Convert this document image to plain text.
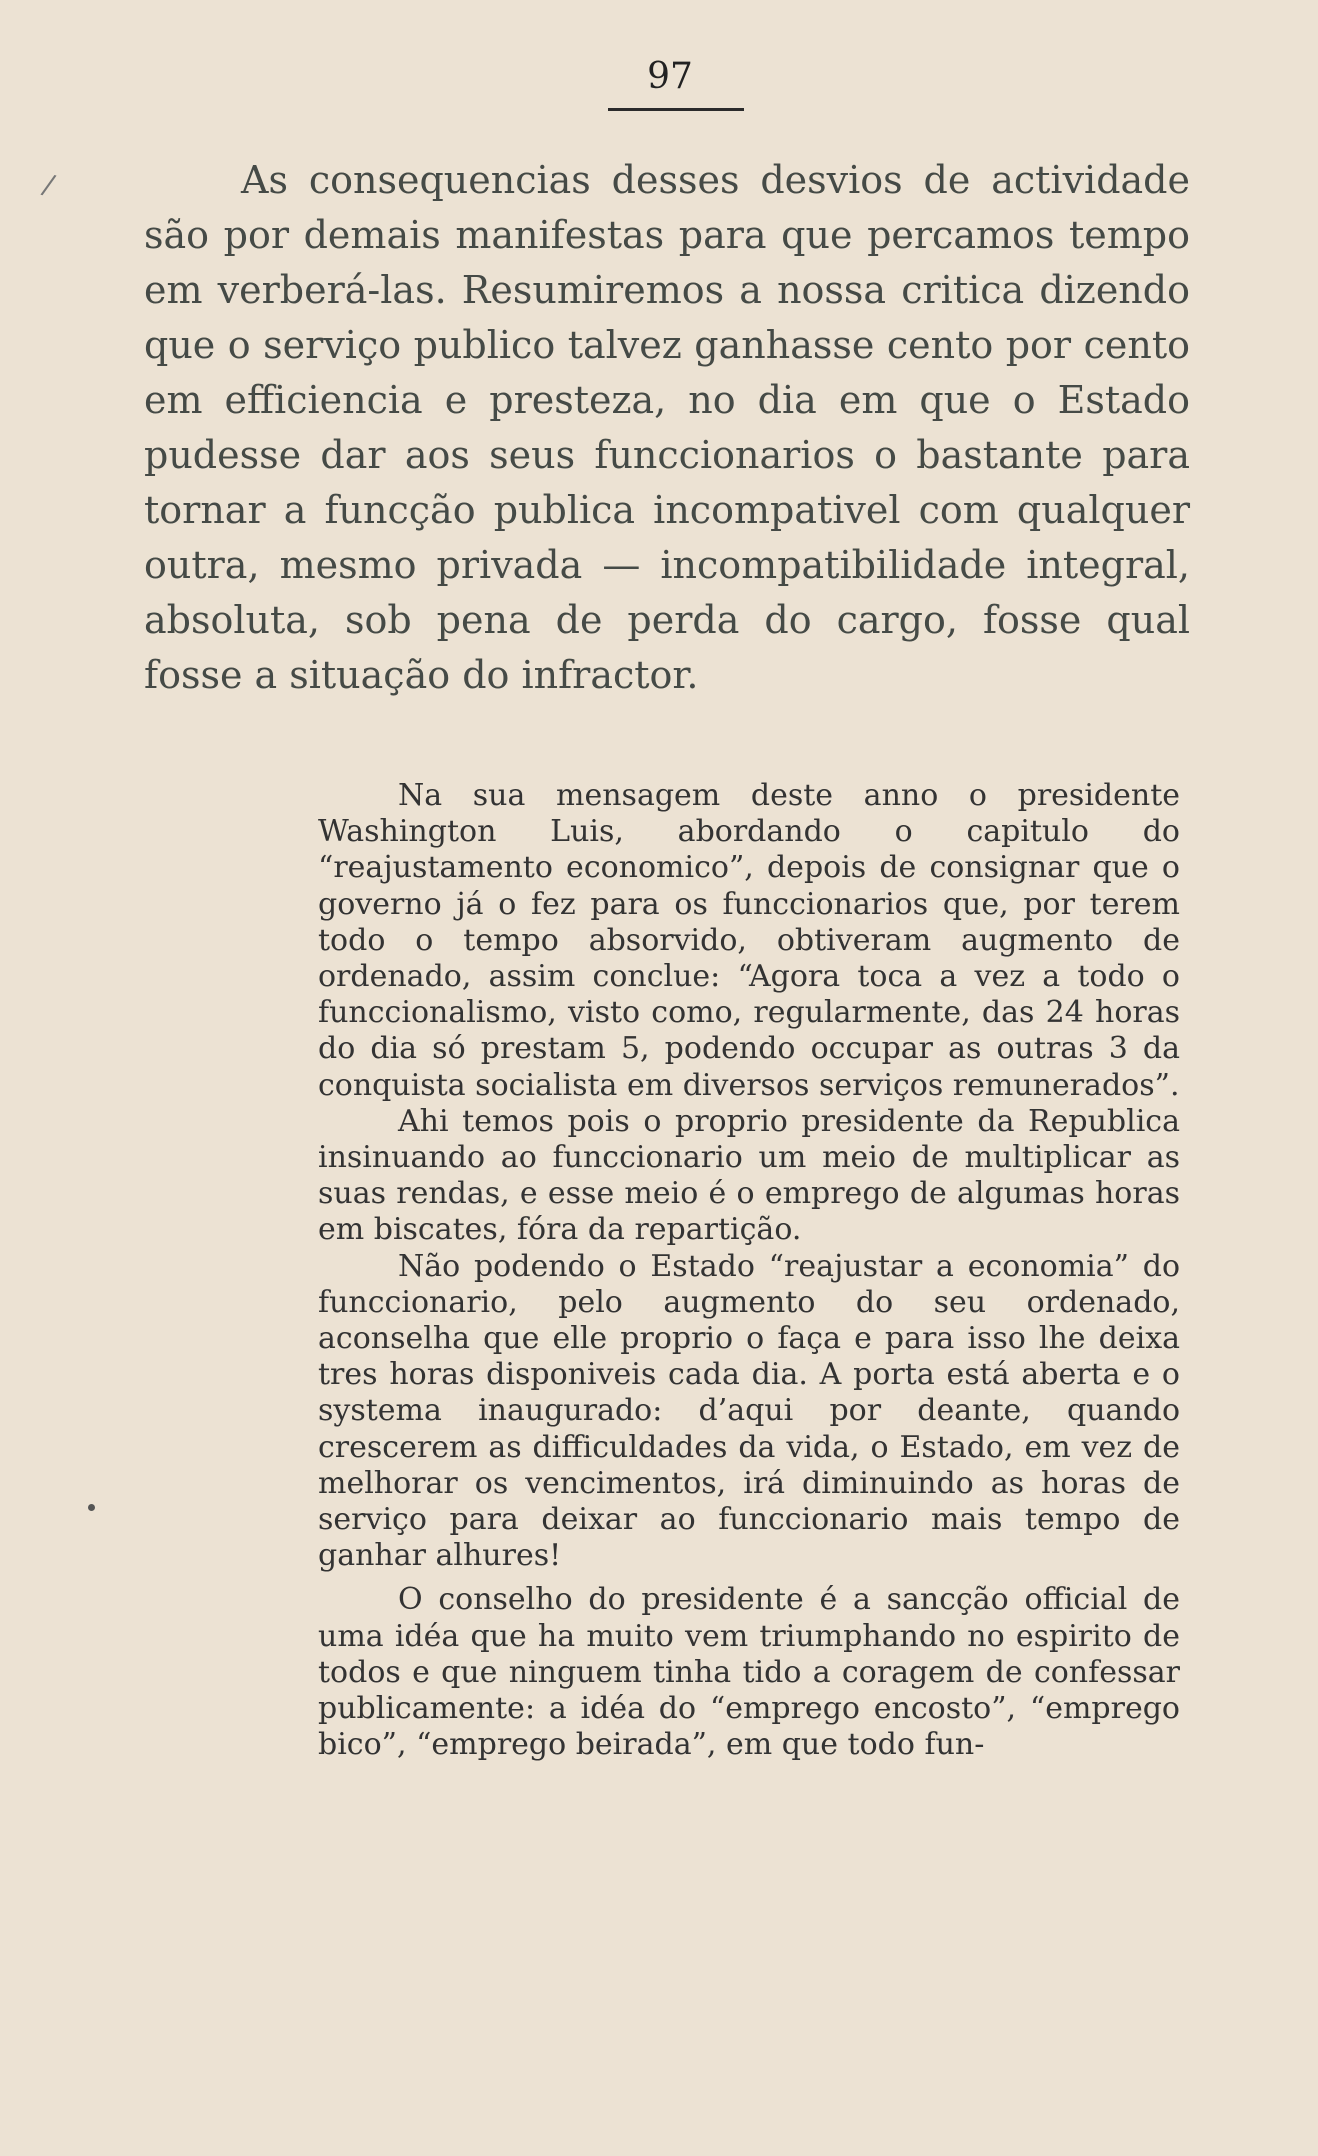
97
/	As consequencias desses desvios de actividade são por demais manifestas para que percamos tempo em verberá-las. Resumiremos a nossa critica dizendo que o serviço publico talvez ganhasse cento por cento em efficiencia e presteza, no dia em que o Estado pudesse dar aos seus funccionarios o bastante para tornar a funcção publica incompativel com qualquer outra, mesmo privada — incompatibilidade integral, absoluta, sob pena de perda do cargo, fosse qual fosse a situação do infractor.

Na sua mensagem deste anno o presidente Washington Luis, abordando o capitulo do “reajustamento economico”, depois de consignar que o governo já o fez para os funccionarios que, por terem todo o tempo absorvido, obtiveram augmento de ordenado, assim conclue: “Agora toca a vez a todo o funccionalismo, visto como, regularmente, das 24 horas do dia só prestam 5, podendo occupar as outras 3 da conquista socialista em diversos serviços remunerados”.

Ahi temos pois o proprio presidente da Republica insinuando ao funccionario um meio de multiplicar as suas rendas, e esse meio é o emprego de algumas horas em biscates, fóra da repartição.

Não podendo o Estado “reajustar a economia” do funccionario, pelo augmento do seu ordenado, aconselha que elle proprio o faça e para isso lhe deixa tres horas disponiveis cada dia. A porta está aberta e o systema inaugurado: d’aqui por deante, quando crescerem as difficuldades da vida, o Estado, em vez de melhorar os vencimentos, irá diminuindo as horas de serviço para deixar ao funccionario mais tempo de ganhar alhures!

O conselho do presidente é a sancção official de uma idéa que ha muito vem triumphando no espirito de todos e que ninguem tinha tido a coragem de confessar publicamente: a idéa do “emprego encosto”, “emprego bico”, “emprego beirada”, em que todo fun-
